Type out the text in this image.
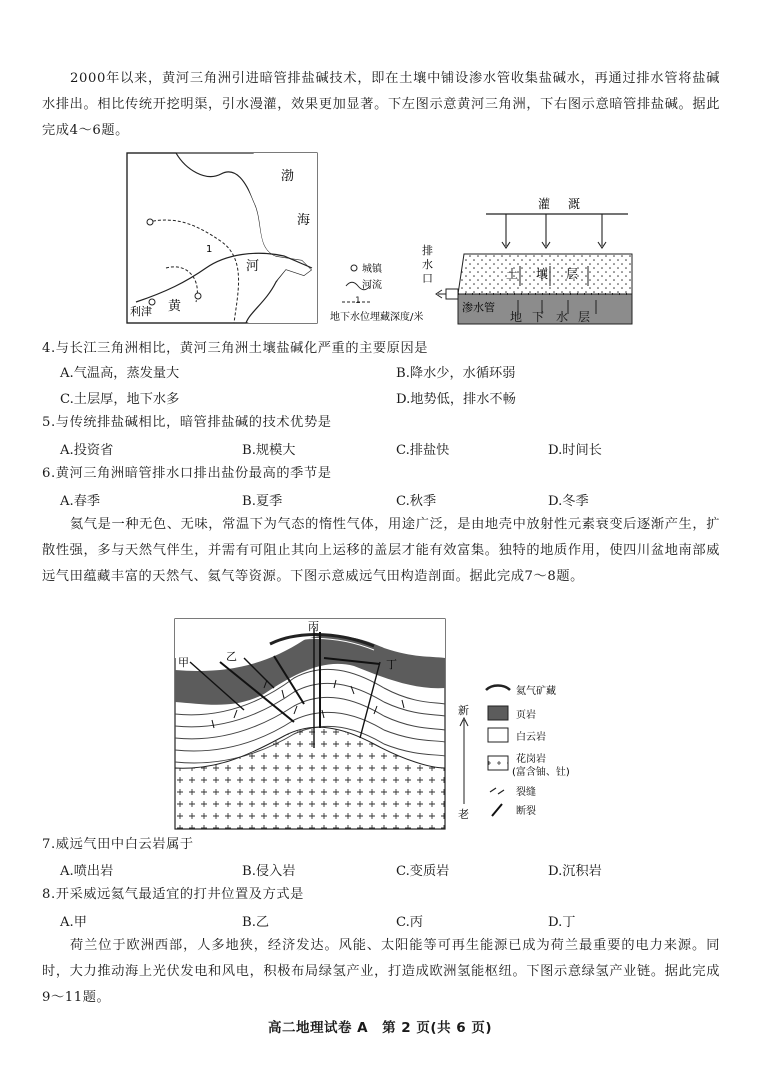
2000年以来，黄河三角洲引进暗管排盐碱技术，即在土壤中铺设渗水管收集盐碱水，再通过排水管将盐碱水排出。相比传统开挖明渠，引水漫灌，效果更加显著。下左图示意黄河三角洲，下右图示意暗管排盐碱。据此完成4～6题。
1
渤
海
河
黄
利津
城镇
河流
1
地下水位埋藏深度/米
灌 溉
土 壤 层
渗水管
地 下 水 层
排
水
口
4.与长江三角洲相比，黄河三角洲土壤盐碱化严重的主要原因是
A.气温高，蒸发量大	B.降水少，水循环弱
C.土层厚，地下水多	D.地势低，排水不畅
5.与传统排盐碱相比，暗管排盐碱的技术优势是
A.投资省	B.规模大	C.排盐快	D.时间长
6.黄河三角洲暗管排水口排出盐份最高的季节是
A.春季	B.夏季	C.秋季	D.冬季
氦气是一种无色、无味，常温下为气态的惰性气体，用途广泛，是由地壳中放射性元素衰变后逐渐产生，扩散性强，多与天然气伴生，并需有可阻止其向上运移的盖层才能有效富集。独特的地质作用，使四川盆地南部威远气田蕴藏丰富的天然气、氦气等资源。下图示意威远气田构造剖面。据此完成7～8题。
丙
乙
甲	丁
新
老
氦气矿藏
页岩
白云岩
花岗岩
(富含铀、钍)
裂缝
断裂
7.威远气田中白云岩属于
A.喷出岩	B.侵入岩	C.变质岩	D.沉积岩
8.开采威远氦气最适宜的打井位置及方式是
A.甲	B.乙	C.丙	D.丁
荷兰位于欧洲西部，人多地狭，经济发达。风能、太阳能等可再生能源已成为荷兰最重要的电力来源。同时，大力推动海上光伏发电和风电，积极布局绿氢产业，打造成欧洲氢能枢纽。下图示意绿氢产业链。据此完成9～11题。
高二地理试卷 A　第 2 页(共 6 页)
